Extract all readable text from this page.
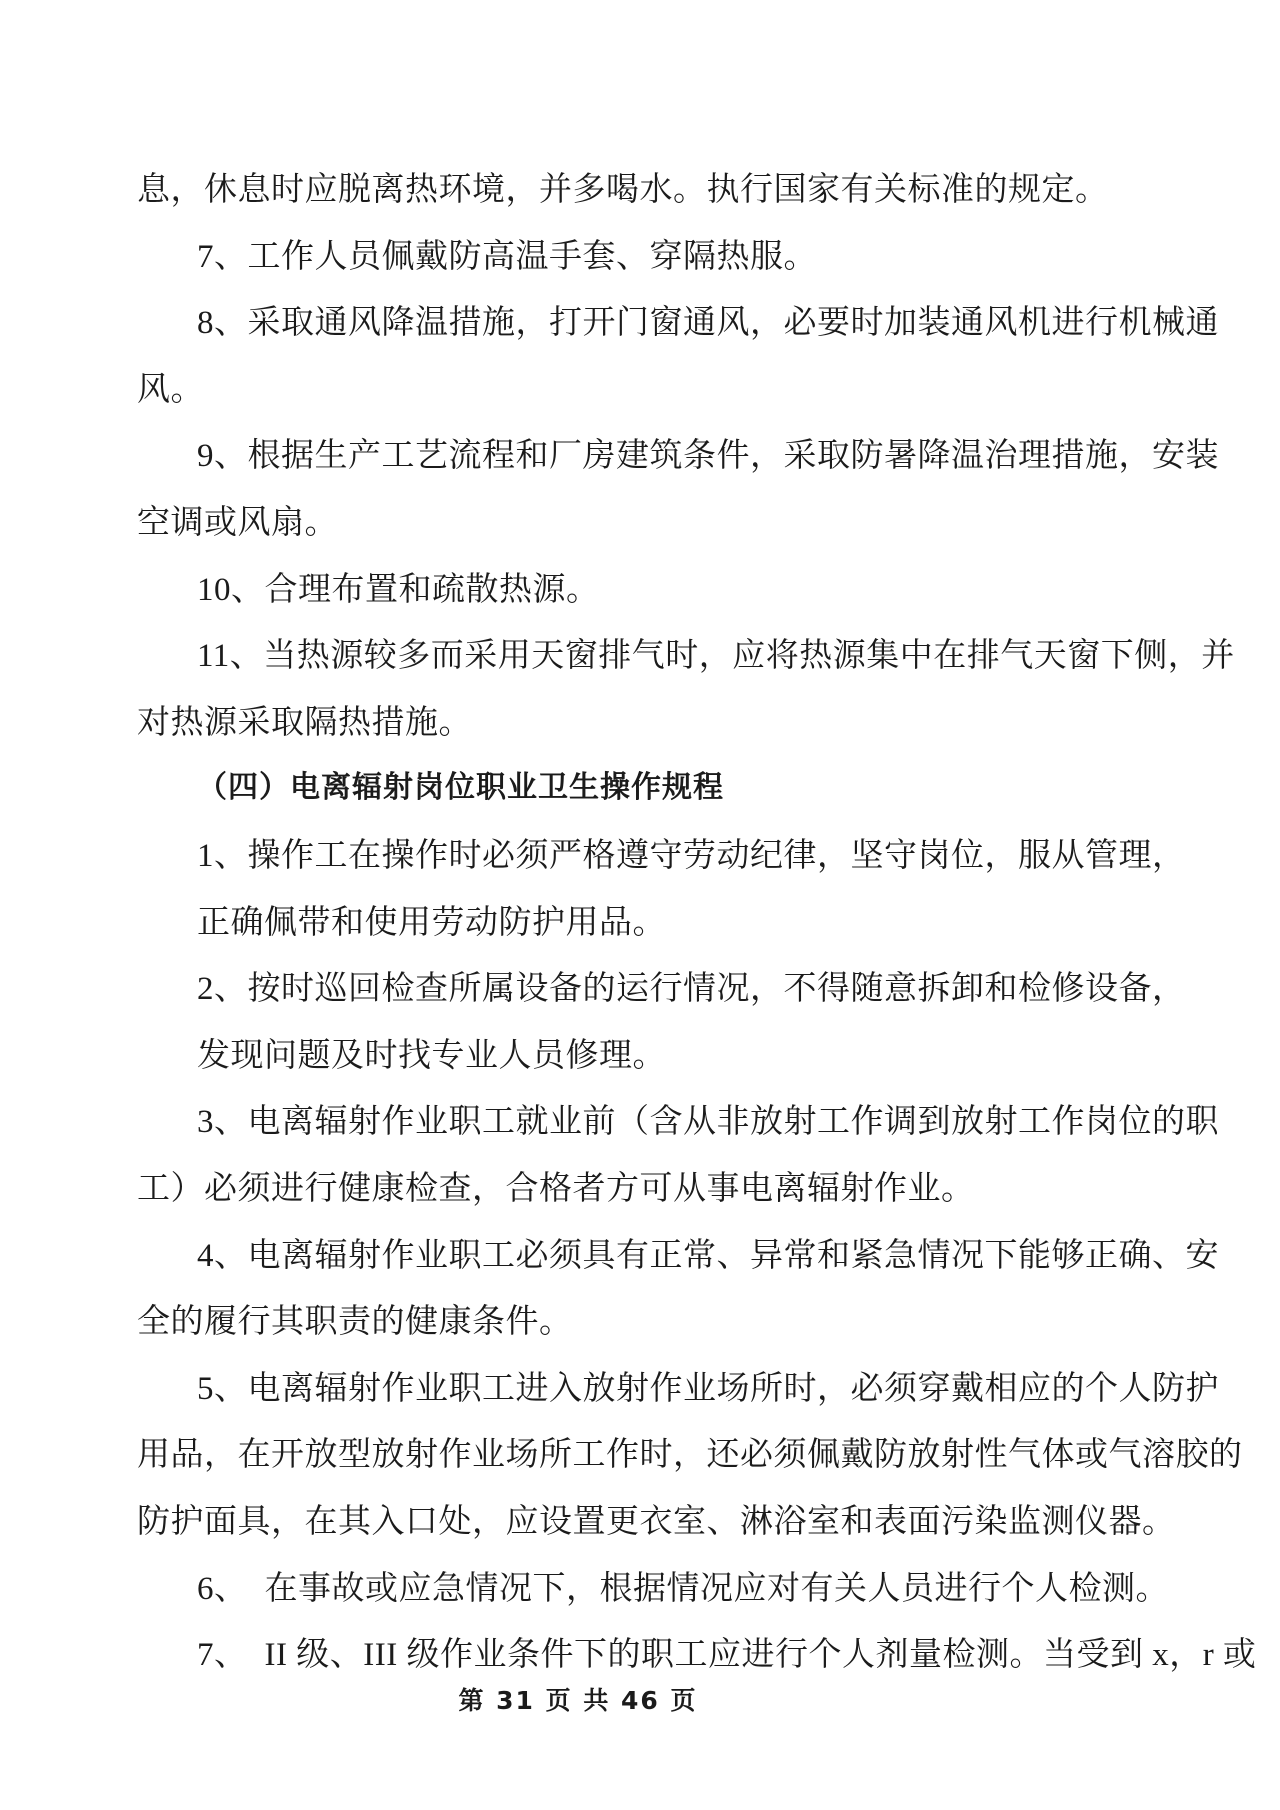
息，休息时应脱离热环境，并多喝水。执行国家有关标准的规定。
7、工作人员佩戴防高温手套、穿隔热服。
8、采取通风降温措施，打开门窗通风，必要时加装通风机进行机械通
风。
9、根据生产工艺流程和厂房建筑条件，采取防暑降温治理措施，安装
空调或风扇。
10、合理布置和疏散热源。
11、当热源较多而采用天窗排气时，应将热源集中在排气天窗下侧，并
对热源采取隔热措施。
（四）电离辐射岗位职业卫生操作规程
1、操作工在操作时必须严格遵守劳动纪律，坚守岗位，服从管理，
正确佩带和使用劳动防护用品。
2、按时巡回检查所属设备的运行情况，不得随意拆卸和检修设备，
发现问题及时找专业人员修理。
3、电离辐射作业职工就业前（含从非放射工作调到放射工作岗位的职
工）必须进行健康检查，合格者方可从事电离辐射作业。
4、电离辐射作业职工必须具有正常、异常和紧急情况下能够正确、安
全的履行其职责的健康条件。
5、电离辐射作业职工进入放射作业场所时，必须穿戴相应的个人防护
用品，在开放型放射作业场所工作时，还必须佩戴防放射性气体或气溶胶的
防护面具，在其入口处，应设置更衣室、淋浴室和表面污染监测仪器。
6、　在事故或应急情况下，根据情况应对有关人员进行个人检测。
7、　II 级、III 级作业条件下的职工应进行个人剂量检测。当受到 x，r 或
第 31 页 共 46 页
